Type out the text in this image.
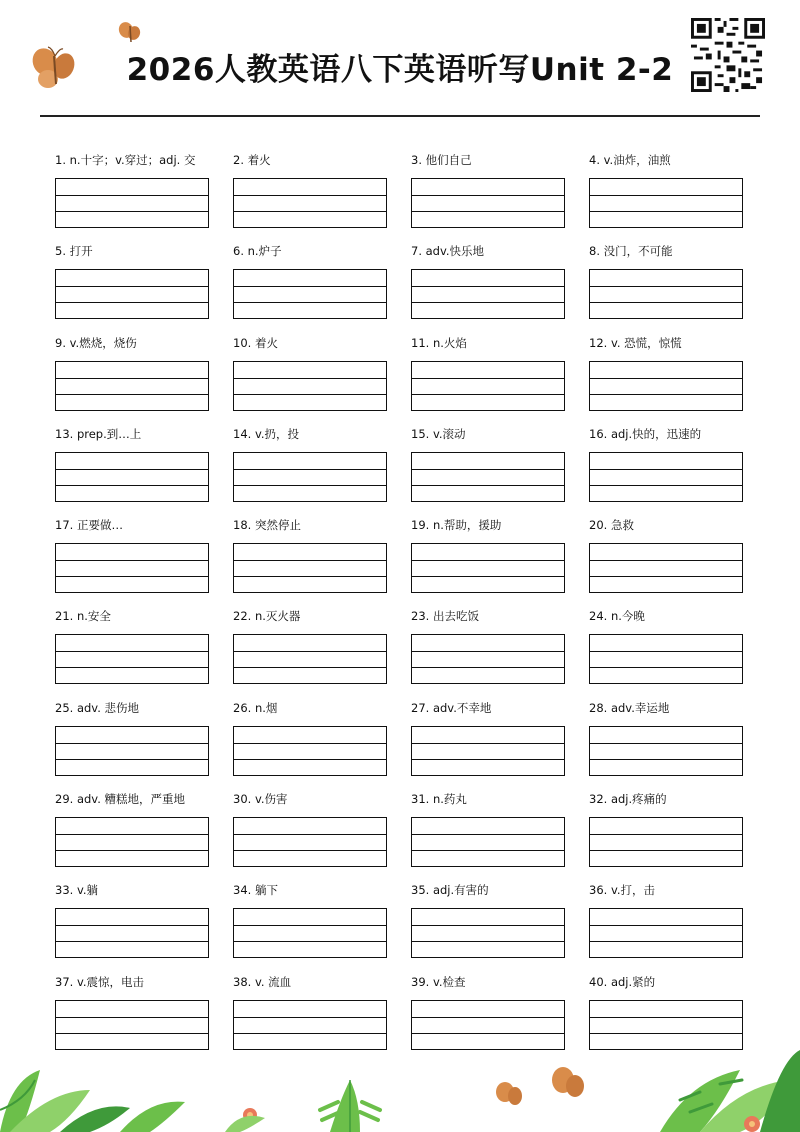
2026人教英语八下英语听写Unit 2-2
1. n.十字；v.穿过；adj. 交	2. 着火	3. 他们自己	4. v.油炸，油煎
5. 打开	6. n.炉子	7. adv.快乐地	8. 没门，不可能
9. v.燃烧，烧伤	10. 着火	11. n.火焰	12. v. 恐慌，惊慌
13. prep.到…上	14. v.扔，投	15. v.滚动	16. adj.快的，迅速的
17. 正要做…	18. 突然停止	19. n.帮助，援助	20. 急救
21. n.安全	22. n.灭火器	23. 出去吃饭	24. n.今晚
25. adv. 悲伤地	26. n.烟	27. adv.不幸地	28. adv.幸运地
29. adv. 糟糕地，严重地	30. v.伤害	31. n.药丸	32. adj.疼痛的
33. v.躺	34. 躺下	35. adj.有害的	36. v.打，击
37. v.震惊，电击	38. v. 流血	39. v.检查	40. adj.紧的
